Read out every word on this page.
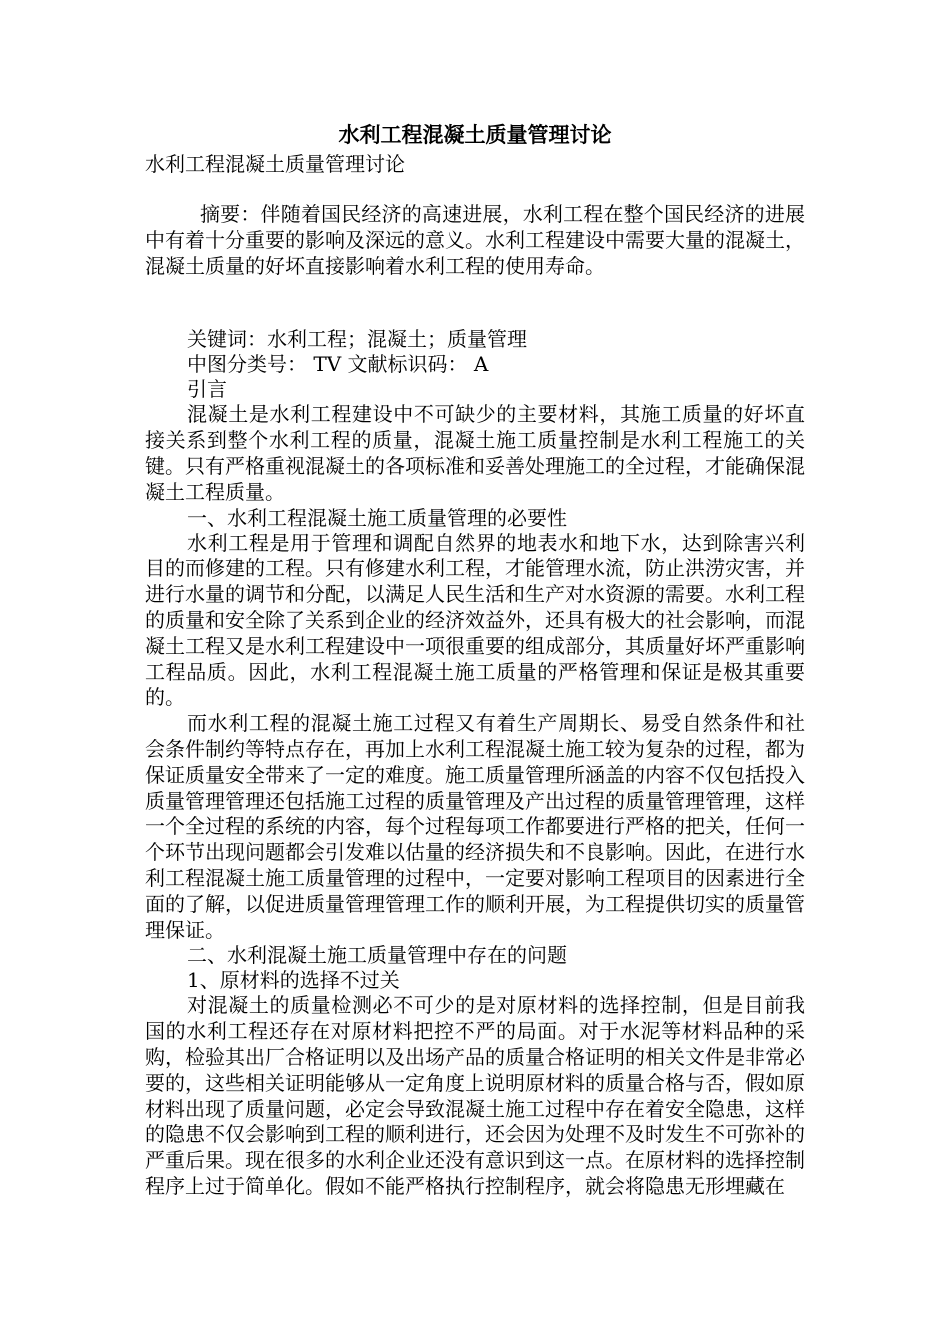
水利工程混凝土质量管理讨论

水利工程混凝土质量管理讨论

摘要：伴随着国民经济的高速进展，水利工程在整个国民经济的进展中有着十分重要的影响及深远的意义。水利工程建设中需要大量的混凝土，混凝土质量的好坏直接影响着水利工程的使用寿命。

关键词：水利工程；混凝土；质量管理

中图分类号： TV 文献标识码： A

引言

混凝土是水利工程建设中不可缺少的主要材料，其施工质量的好坏直接关系到整个水利工程的质量，混凝土施工质量控制是水利工程施工的关键。只有严格重视混凝土的各项标准和妥善处理施工的全过程，才能确保混凝土工程质量。

一、水利工程混凝土施工质量管理的必要性

水利工程是用于管理和调配自然界的地表水和地下水，达到除害兴利目的而修建的工程。只有修建水利工程，才能管理水流，防止洪涝灾害，并进行水量的调节和分配，以满足人民生活和生产对水资源的需要。水利工程的质量和安全除了关系到企业的经济效益外，还具有极大的社会影响，而混凝土工程又是水利工程建设中一项很重要的组成部分，其质量好坏严重影响工程品质。因此，水利工程混凝土施工质量的严格管理和保证是极其重要的。

而水利工程的混凝土施工过程又有着生产周期长、易受自然条件和社会条件制约等特点存在，再加上水利工程混凝土施工较为复杂的过程，都为保证质量安全带来了一定的难度。施工质量管理所涵盖的内容不仅包括投入质量管理管理还包括施工过程的质量管理及产出过程的质量管理管理，这样一个全过程的系统的内容，每个过程每项工作都要进行严格的把关，任何一个环节出现问题都会引发难以估量的经济损失和不良影响。因此，在进行水利工程混凝土施工质量管理的过程中，一定要对影响工程项目的因素进行全面的了解，以促进质量管理管理工作的顺利开展，为工程提供切实的质量管理保证。

二、水利混凝土施工质量管理中存在的问题

1、原材料的选择不过关

对混凝土的质量检测必不可少的是对原材料的选择控制，但是目前我国的水利工程还存在对原材料把控不严的局面。对于水泥等材料品种的采购，检验其出厂合格证明以及出场产品的质量合格证明的相关文件是非常必要的，这些相关证明能够从一定角度上说明原材料的质量合格与否，假如原材料出现了质量问题，必定会导致混凝土施工过程中存在着安全隐患，这样的隐患不仅会影响到工程的顺利进行，还会因为处理不及时发生不可弥补的严重后果。现在很多的水利企业还没有意识到这一点。在原材料的选择控制程序上过于简单化。假如不能严格执行控制程序，就会将隐患无形埋藏在
